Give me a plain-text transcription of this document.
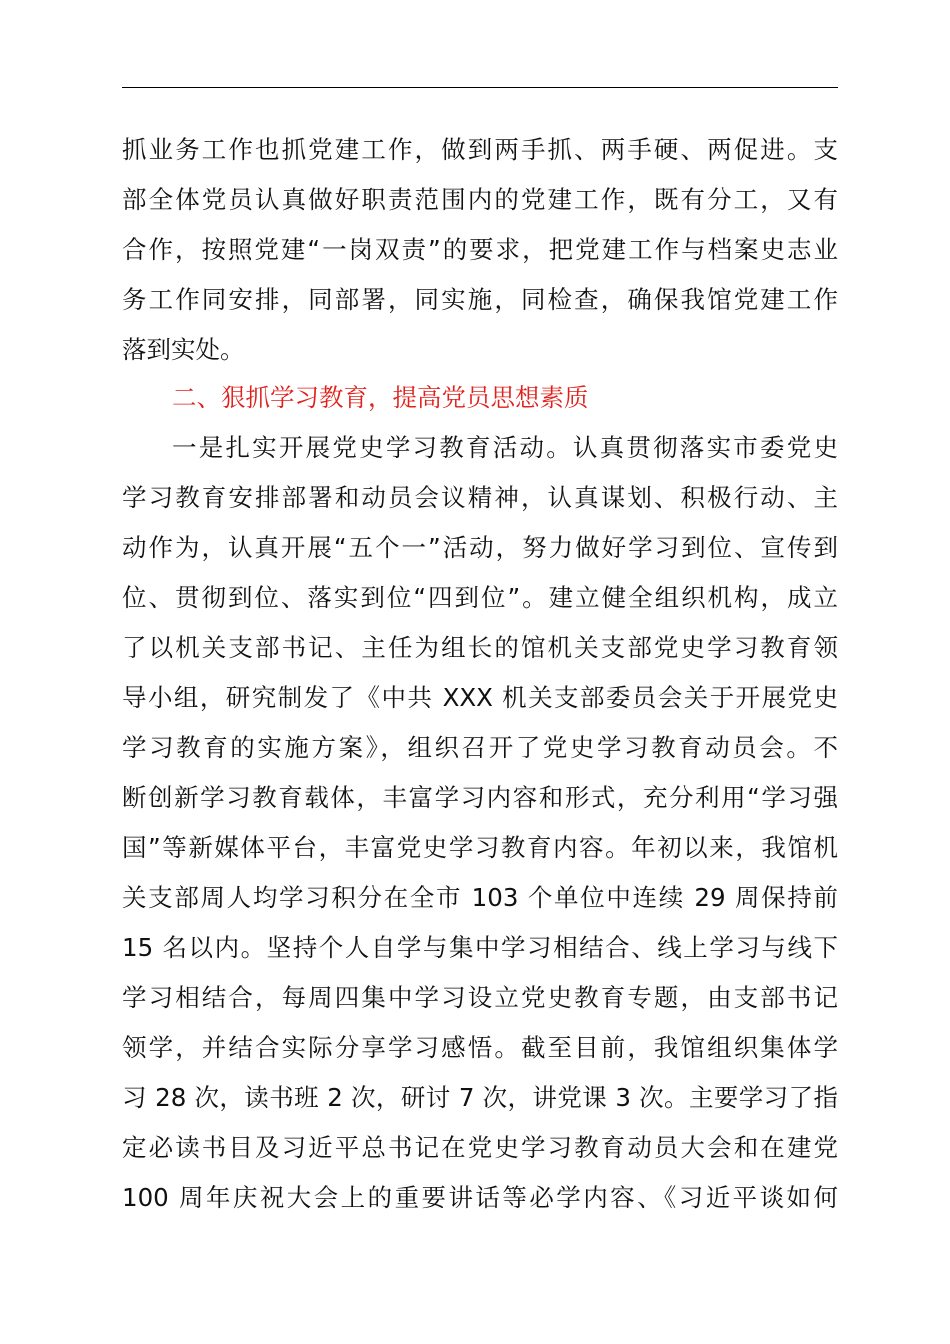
抓业务工作也抓党建工作，做到两手抓、两手硬、两促进。支
部全体党员认真做好职责范围内的党建工作，既有分工，又有
合作，按照党建“一岗双责”的要求，把党建工作与档案史志业
务工作同安排，同部署，同实施，同检查，确保我馆党建工作
落到实处。
二、狠抓学习教育，提高党员思想素质
一是扎实开展党史学习教育活动。认真贯彻落实市委党史
学习教育安排部署和动员会议精神，认真谋划、积极行动、主
动作为，认真开展“五个一”活动，努力做好学习到位、宣传到
位、贯彻到位、落实到位“四到位”。建立健全组织机构，成立
了以机关支部书记、主任为组长的馆机关支部党史学习教育领
导小组，研究制发了《中共 XXX 机关支部委员会关于开展党史
学习教育的实施方案》，组织召开了党史学习教育动员会。不
断创新学习教育载体，丰富学习内容和形式，充分利用“学习强
国”等新媒体平台，丰富党史学习教育内容。年初以来，我馆机
关支部周人均学习积分在全市 103 个单位中连续 29 周保持前
15 名以内。坚持个人自学与集中学习相结合、线上学习与线下
学习相结合，每周四集中学习设立党史教育专题，由支部书记
领学，并结合实际分享学习感悟。截至目前，我馆组织集体学
习 28 次，读书班 2 次，研讨 7 次，讲党课 3 次。主要学习了指
定必读书目及习近平总书记在党史学习教育动员大会和在建党
100 周年庆祝大会上的重要讲话等必学内容、《习近平谈如何
